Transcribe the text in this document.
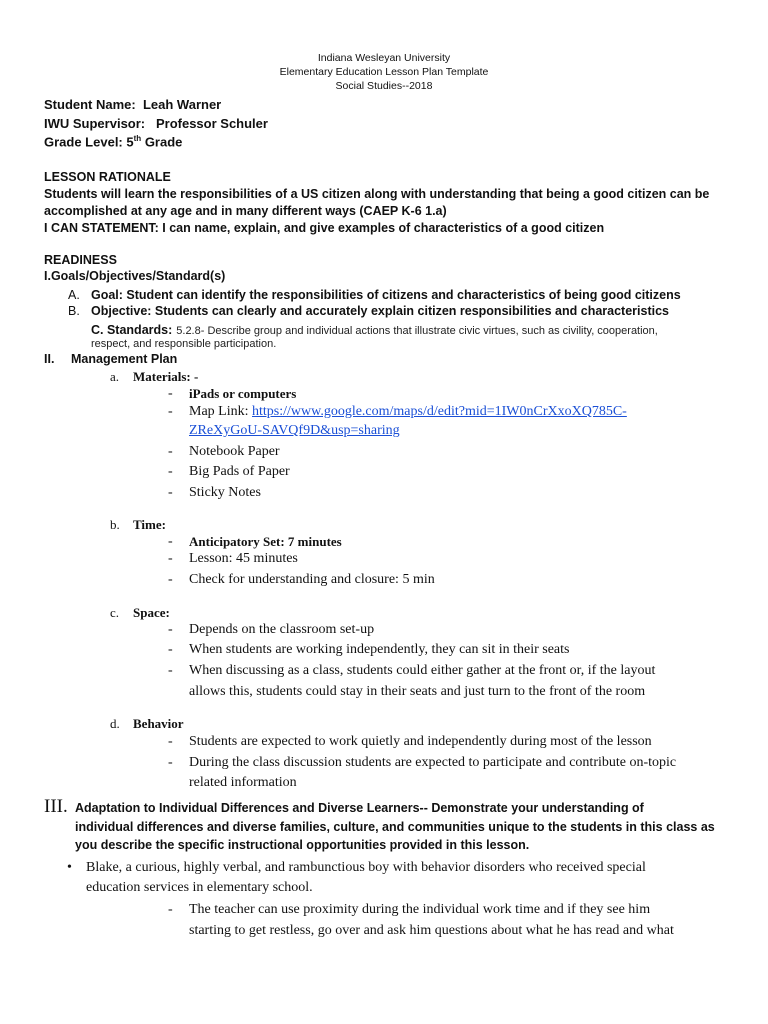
Indiana Wesleyan University
Elementary Education Lesson Plan Template
Social Studies--2018
Student Name: Leah Warner
IWU Supervisor: Professor Schuler
Grade Level: 5th Grade
LESSON RATIONALE
Students will learn the responsibilities of a US citizen along with understanding that being a good citizen can be
accomplished at any age and in many different ways (CAEP K-6 1.a)
I CAN STATEMENT: I can name, explain, and give examples of characteristics of a good citizen
READINESS
I.Goals/Objectives/Standard(s)
A. Goal: Student can identify the responsibilities of citizens and characteristics of being good citizens
B. Objective: Students can clearly and accurately explain citizen responsibilities and characteristics
C. Standards: 5.2.8- Describe group and individual actions that illustrate civic virtues, such as civility, cooperation,
respect, and responsible participation.
II. Management Plan
a. Materials: -
- iPads or computers
- Map Link: https://www.google.com/maps/d/edit?mid=1IW0nCrXxoXQ785C-
ZReXyGoU-SAVQf9D&usp=sharing
- Notebook Paper
- Big Pads of Paper
- Sticky Notes
b. Time:
- Anticipatory Set: 7 minutes
- Lesson: 45 minutes
- Check for understanding and closure: 5 min
c. Space:
- Depends on the classroom set-up
- When students are working independently, they can sit in their seats
- When discussing as a class, students could either gather at the front or, if the layout
allows this, students could stay in their seats and just turn to the front of the room
d. Behavior
- Students are expected to work quietly and independently during most of the lesson
- During the class discussion students are expected to participate and contribute on-topic
related information
III. Adaptation to Individual Differences and Diverse Learners-- Demonstrate your understanding of
individual differences and diverse families, culture, and communities unique to the students in this class as
you describe the specific instructional opportunities provided in this lesson.
• Blake, a curious, highly verbal, and rambunctious boy with behavior disorders who received special
education services in elementary school.
- The teacher can use proximity during the individual work time and if they see him
starting to get restless, go over and ask him questions about what he has read and what
